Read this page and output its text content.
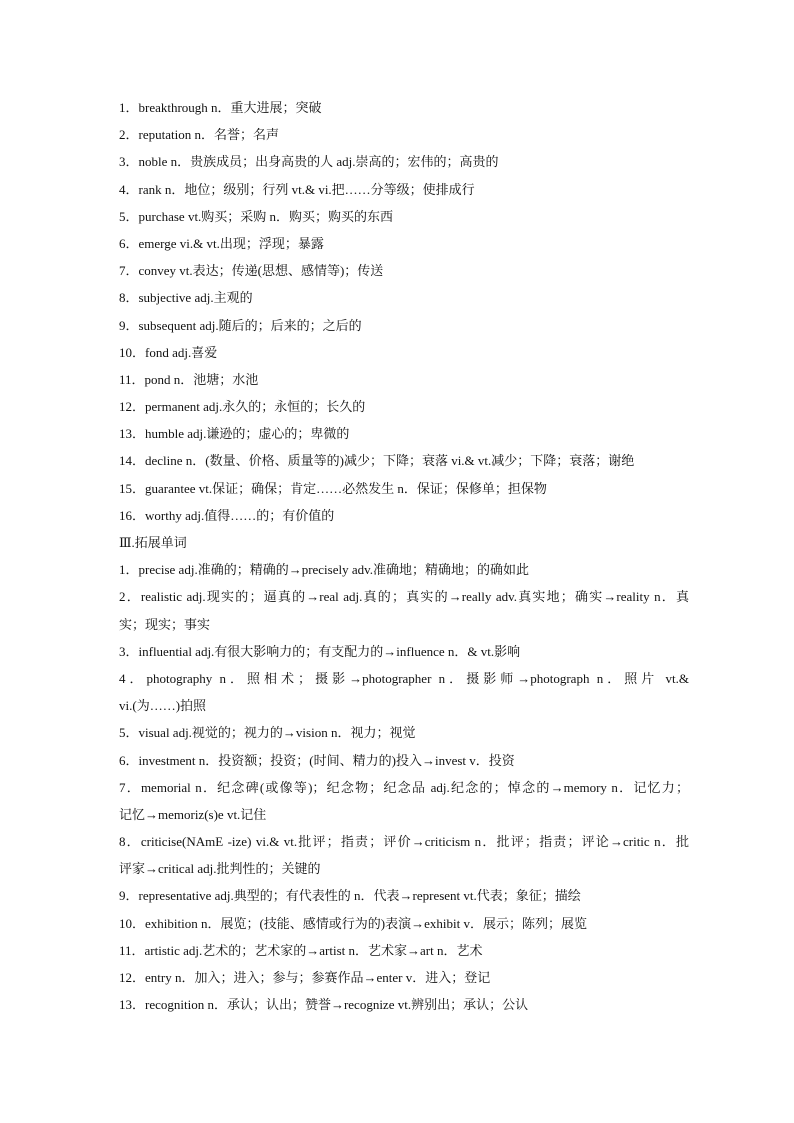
1．breakthrough n．重大进展；突破
2．reputation n．名誉；名声
3．noble n．贵族成员；出身高贵的人 adj.崇高的；宏伟的；高贵的
4．rank n．地位；级别；行列 vt.& vi.把……分等级；使排成行
5．purchase vt.购买；采购 n．购买；购买的东西
6．emerge vi.& vt.出现；浮现；暴露
7．convey vt.表达；传递(思想、感情等)；传送
8．subjective adj.主观的
9．subsequent adj.随后的；后来的；之后的
10．fond adj.喜爱
11．pond n．池塘；水池
12．permanent adj.永久的；永恒的；长久的
13．humble adj.谦逊的；虚心的；卑微的
14．decline n．(数量、价格、质量等的)减少；下降；衰落 vi.& vt.减少；下降；衰落；谢绝
15．guarantee vt.保证；确保；肯定……必然发生 n．保证；保修单；担保物
16．worthy adj.值得……的；有价值的
Ⅲ.拓展单词
1．precise adj.准确的；精确的→precisely adv.准确地；精确地；的确如此
2．realistic adj.现实的；逼真的→real adj.真的；真实的→really adv.真实地；确实→reality n．真
实；现实；事实
3．influential adj.有很大影响力的；有支配力的→influence n．& vt.影响
4．photography n．照相术；摄影→photographer n．摄影师→photograph n．照片 vt.&
vi.(为……)拍照
5．visual adj.视觉的；视力的→vision n．视力；视觉
6．investment n．投资额；投资；(时间、精力的)投入→invest v．投资
7．memorial n．纪念碑(或像等)；纪念物；纪念品 adj.纪念的；悼念的→memory n．记忆力；
记忆→memoriz(s)e vt.记住
8．criticise(NAmE -ize) vi.& vt.批评；指责；评价→criticism n．批评；指责；评论→critic n．批
评家→critical adj.批判性的；关键的
9．representative adj.典型的；有代表性的 n．代表→represent vt.代表；象征；描绘
10．exhibition n．展览；(技能、感情或行为的)表演→exhibit v．展示；陈列；展览
11．artistic adj.艺术的；艺术家的→artist n．艺术家→art n．艺术
12．entry n．加入；进入；参与；参赛作品→enter v．进入；登记
13．recognition n．承认；认出；赞誉→recognize vt.辨别出；承认；公认
